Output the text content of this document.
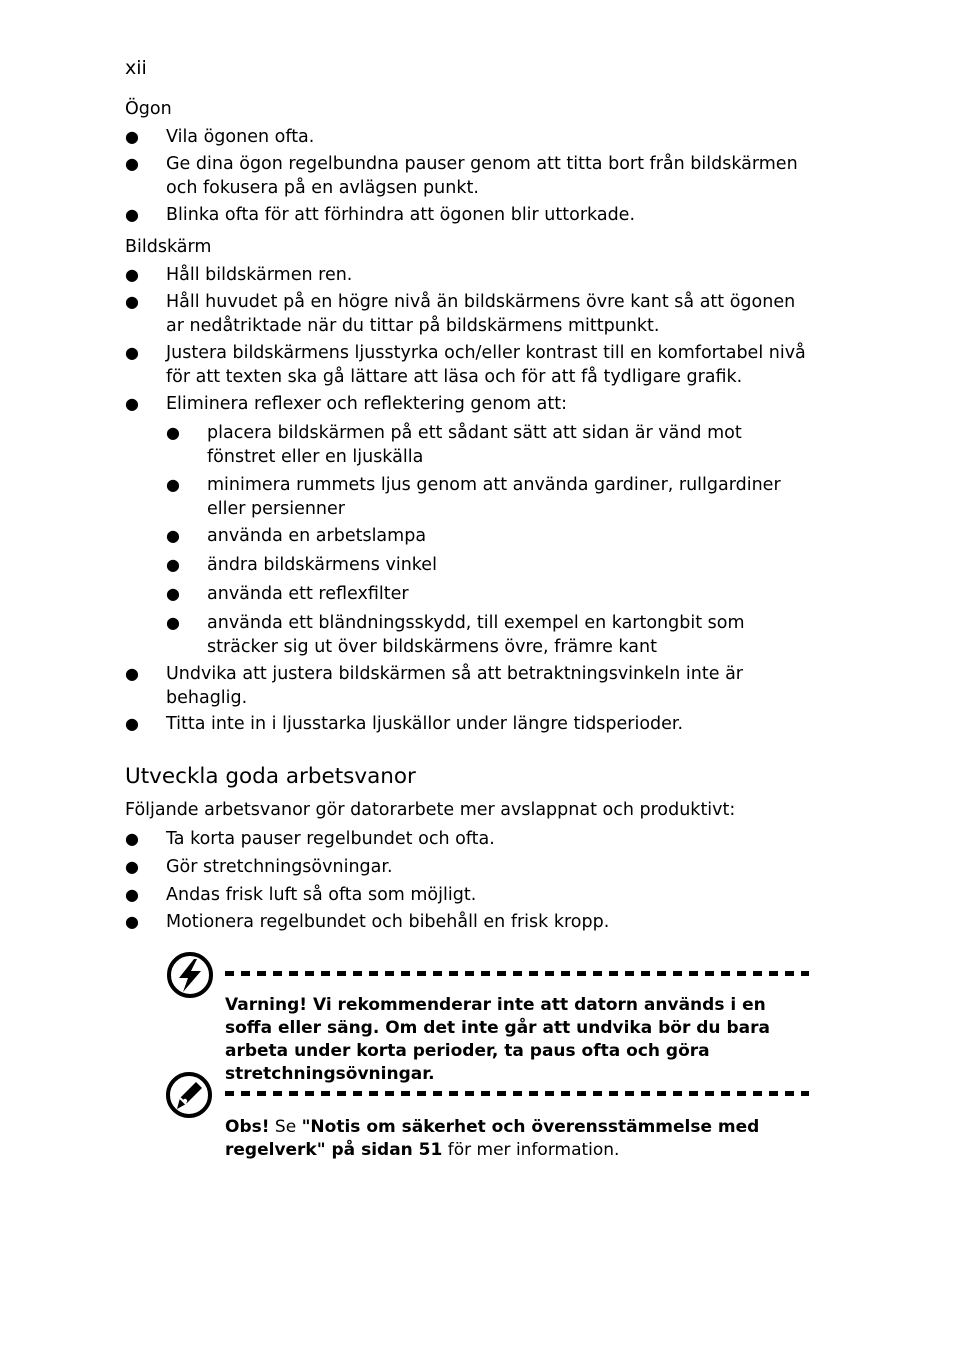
xii
Ögon
● Vila ögonen ofta.
● Ge dina ögon regelbundna pauser genom att titta bort från bildskärmen och fokusera på en avlägsen punkt.
● Blinka ofta för att förhindra att ögonen blir uttorkade.
Bildskärm
● Håll bildskärmen ren.
● Håll huvudet på en högre nivå än bildskärmens övre kant så att ögonen ar nedåtriktade när du tittar på bildskärmens mittpunkt.
● Justera bildskärmens ljusstyrka och/eller kontrast till en komfortabel nivå för att texten ska gå lättare att läsa och för att få tydligare grafik.
● Eliminera reflexer och reflektering genom att:
● placera bildskärmen på ett sådant sätt att sidan är vänd mot fönstret eller en ljuskälla
● minimera rummets ljus genom att använda gardiner, rullgardiner eller persienner
● använda en arbetslampa
● ändra bildskärmens vinkel
● använda ett reflexfilter
● använda ett bländningsskydd, till exempel en kartongbit som sträcker sig ut över bildskärmens övre, främre kant
● Undvika att justera bildskärmen så att betraktningsvinkeln inte är behaglig.
● Titta inte in i ljusstarka ljuskällor under längre tidsperioder.
Utveckla goda arbetsvanor
Följande arbetsvanor gör datorarbete mer avslappnat och produktivt:
● Ta korta pauser regelbundet och ofta.
● Gör stretchningsövningar.
● Andas frisk luft så ofta som möjligt.
● Motionera regelbundet och bibehåll en frisk kropp.
Varning! Vi rekommenderar inte att datorn används i en soffa eller säng. Om det inte går att undvika bör du bara arbeta under korta perioder, ta paus ofta och göra stretchningsövningar.
Obs! Se "Notis om säkerhet och överensstämmelse med regelverk" på sidan 51 för mer information.
